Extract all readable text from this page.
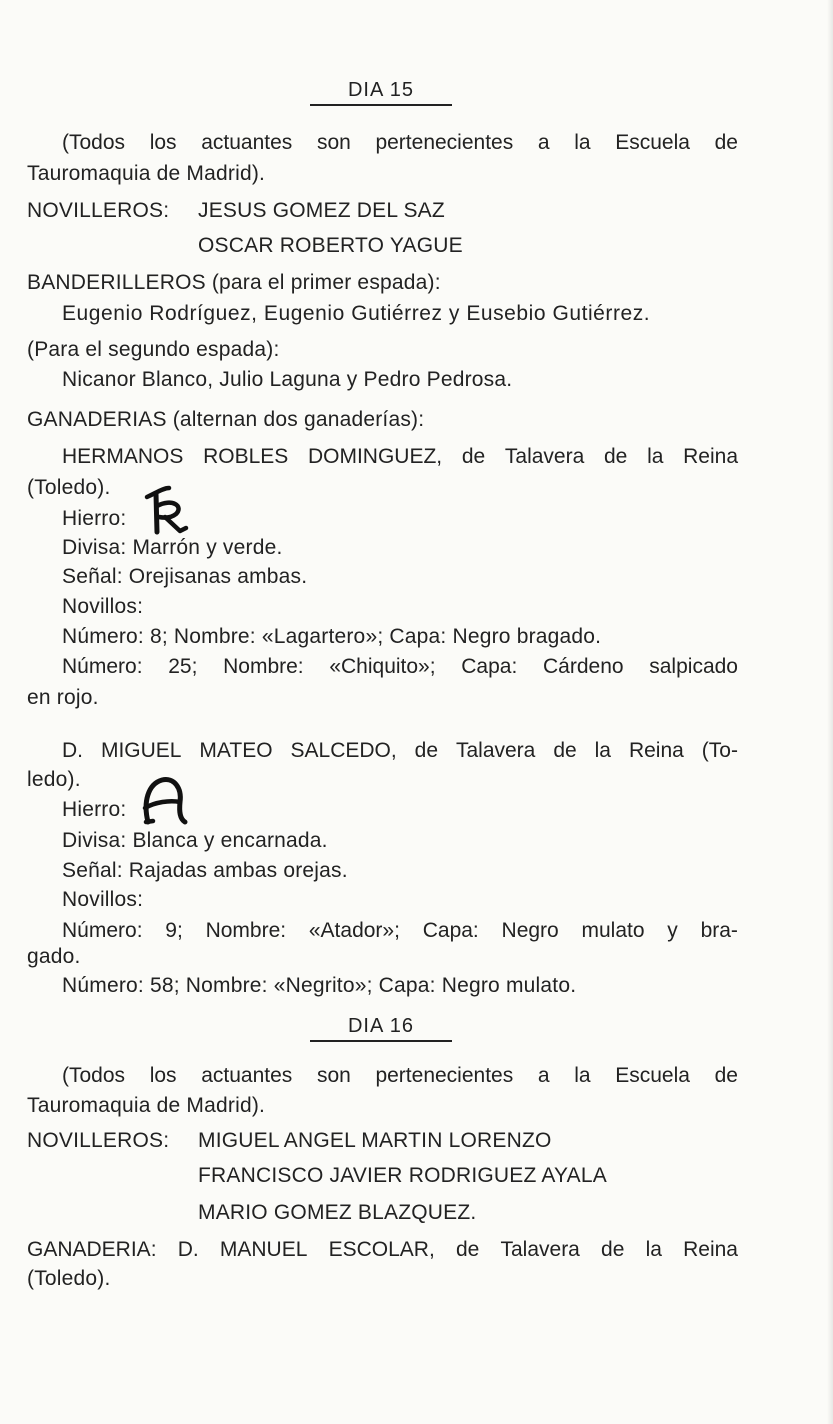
DIA 15
(Todos los actuantes son pertenecientes a la Escuela de
Tauromaquia de Madrid).
NOVILLEROS: JESUS GOMEZ DEL SAZ
OSCAR ROBERTO YAGUE
BANDERILLEROS (para el primer espada):
Eugenio Rodríguez, Eugenio Gutiérrez y Eusebio Gutiérrez.
(Para el segundo espada):
Nicanor Blanco, Julio Laguna y Pedro Pedrosa.
GANADERIAS (alternan dos ganaderías):
HERMANOS ROBLES DOMINGUEZ, de Talavera de la Reina
(Toledo).
Hierro:
Divisa: Marrón y verde.
Señal: Orejisanas ambas.
Novillos:
Número: 8; Nombre: «Lagartero»; Capa: Negro bragado.
Número: 25; Nombre: «Chiquito»; Capa: Cárdeno salpicado
en rojo.
D. MIGUEL MATEO SALCEDO, de Talavera de la Reina (To-
ledo).
Hierro:
Divisa: Blanca y encarnada.
Señal: Rajadas ambas orejas.
Novillos:
Número: 9; Nombre: «Atador»; Capa: Negro mulato y bra-
gado.
Número: 58; Nombre: «Negrito»; Capa: Negro mulato.
DIA 16
(Todos los actuantes son pertenecientes a la Escuela de
Tauromaquia de Madrid).
NOVILLEROS: MIGUEL ANGEL MARTIN LORENZO
FRANCISCO JAVIER RODRIGUEZ AYALA
MARIO GOMEZ BLAZQUEZ.
GANADERIA: D. MANUEL ESCOLAR, de Talavera de la Reina
(Toledo).
